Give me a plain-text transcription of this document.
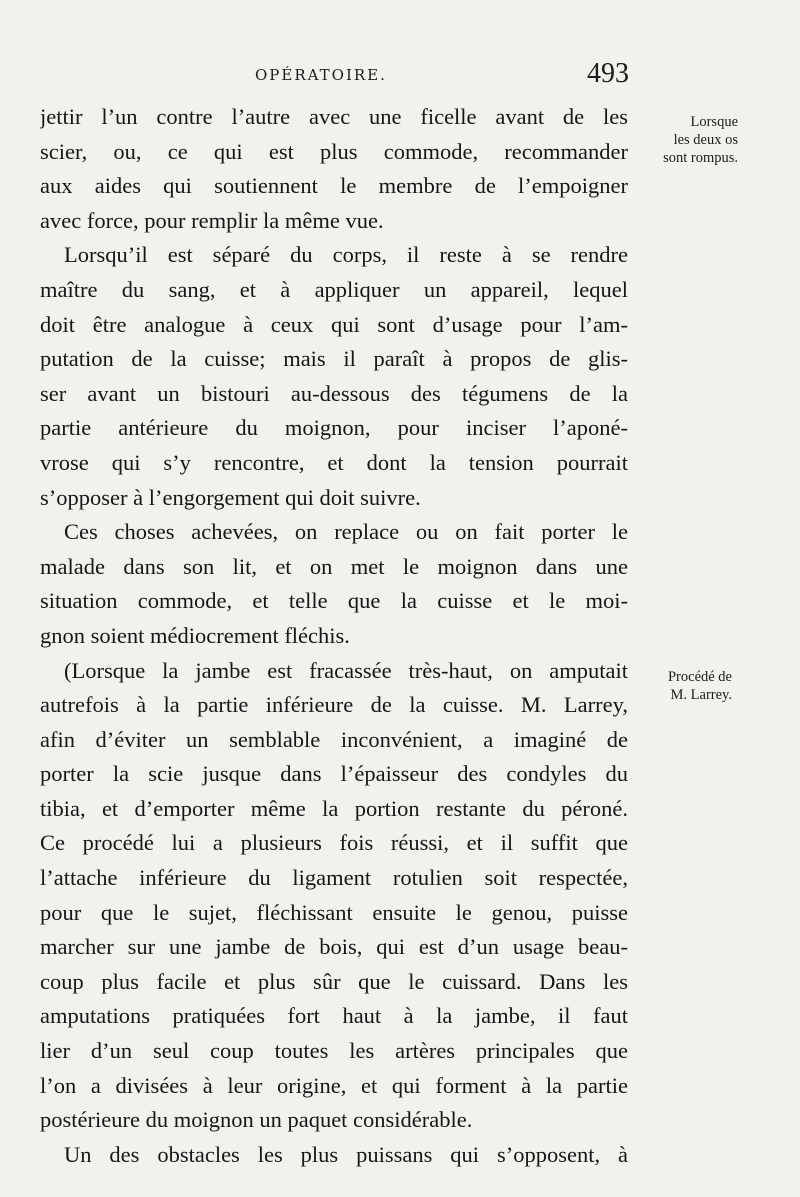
OPÉRATOIRE.	493
jettir l’un contre l’autre avec une ficelle avant de les
scier, ou, ce qui est plus commode, recommander
aux aides qui soutiennent le membre de l’empoigner
avec force, pour remplir la même vue.
Lorsqu’il est séparé du corps, il reste à se rendre
maître du sang, et à appliquer un appareil, lequel
doit être analogue à ceux qui sont d’usage pour l’am-
putation de la cuisse; mais il paraît à propos de glis-
ser avant un bistouri au-dessous des tégumens de la
partie antérieure du moignon, pour inciser l’aponé-
vrose qui s’y rencontre, et dont la tension pourrait
s’opposer à l’engorgement qui doit suivre.
Ces choses achevées, on replace ou on fait porter le
malade dans son lit, et on met le moignon dans une
situation commode, et telle que la cuisse et le moi-
gnon soient médiocrement fléchis.
(Lorsque la jambe est fracassée très-haut, on amputait
autrefois à la partie inférieure de la cuisse. M. Larrey,
afin d’éviter un semblable inconvénient, a imaginé de
porter la scie jusque dans l’épaisseur des condyles du
tibia, et d’emporter même la portion restante du péroné.
Ce procédé lui a plusieurs fois réussi, et il suffit que
l’attache inférieure du ligament rotulien soit respectée,
pour que le sujet, fléchissant ensuite le genou, puisse
marcher sur une jambe de bois, qui est d’un usage beau-
coup plus facile et plus sûr que le cuissard. Dans les
amputations pratiquées fort haut à la jambe, il faut
lier d’un seul coup toutes les artères principales que
l’on a divisées à leur origine, et qui forment à la partie
postérieure du moignon un paquet considérable.
Un des obstacles les plus puissans qui s’opposent, à
Lorsque
les deux os
sont rompus.
Procédé de
M. Larrey.
